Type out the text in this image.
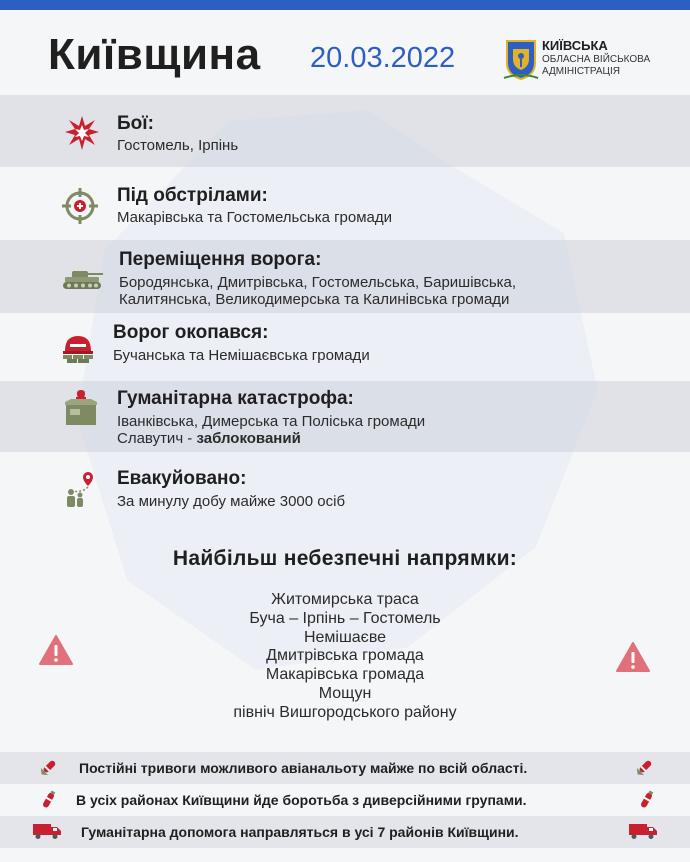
Київщина 20.03.2022	КИЇВСЬКА
ОБЛАСНА ВІЙСЬКОВА АДМІНІСТРАЦІЯ
Бої:
Гостомель, Ірпінь
Під обстрілами:
Макарівська та Гостомельська громади
Переміщення ворога:
Бородянська, Дмитрівська, Гостомельська, Баришівська,
Калитянська, Великодимерська та Калинівська громади
Ворог окопався:
Бучанська та Немішаєвська громади
Гуманітарна катастрофа:
Іванківська, Димерська та Поліська громади
Славутич - заблокований
Евакуйовано:
За минулу добу майже 3000 осіб
Найбільш небезпечні напрямки:
Житомирська траса
Буча – Ірпінь – Гостомель
Немішаєве
Дмитрівська громада
Макарівська громада
Мощун
північ Вишгородського району
Постійні тривоги можливого авіанальоту майже по всій області.
В усіх районах Київщини йде боротьба з диверсійними групами.
Гуманітарна допомога направляться в усі 7 районів Київщини.
